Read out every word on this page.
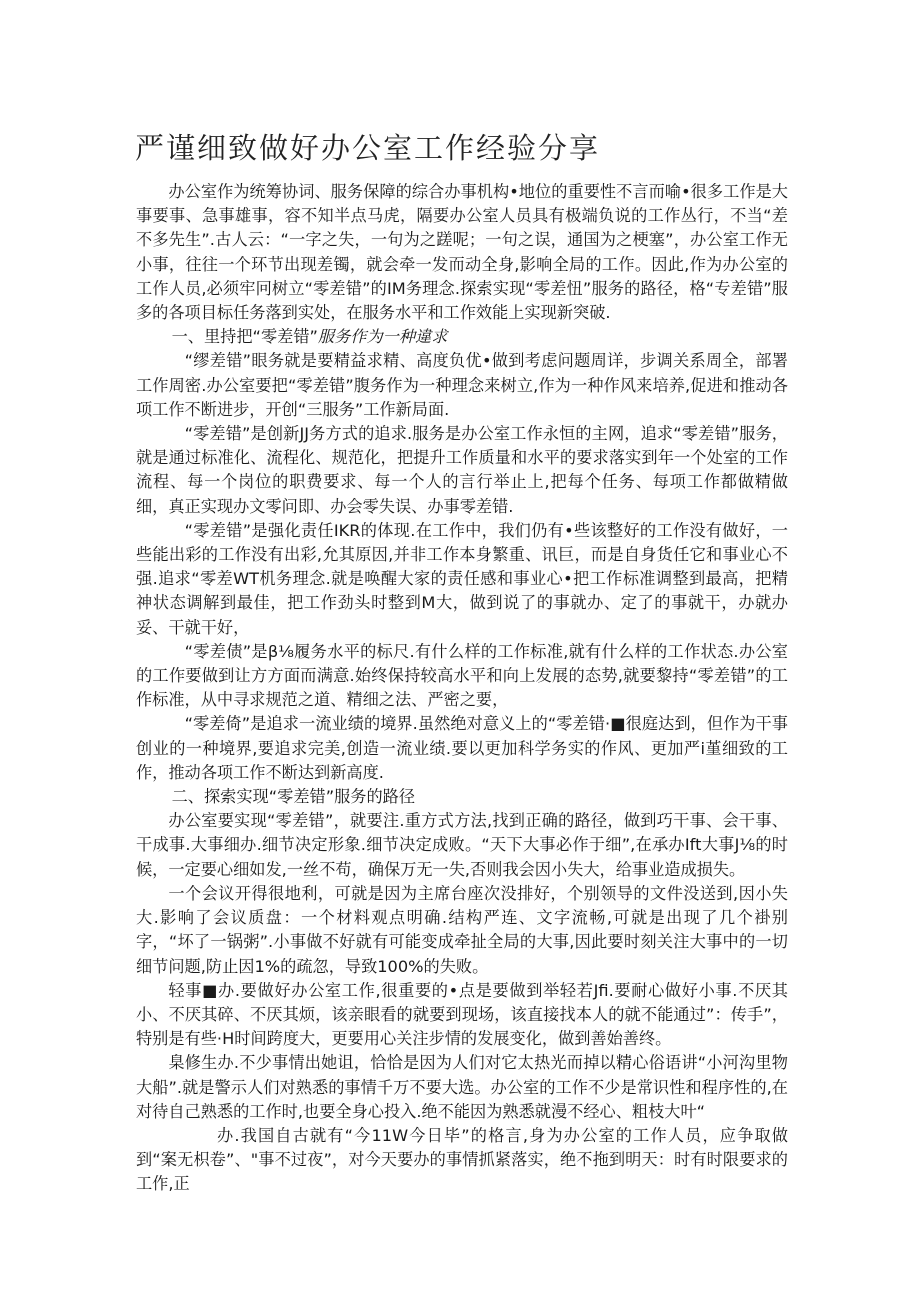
严谨细致做好办公室工作经验分享

办公室作为统筹协词、服务保障的综合办事机构•地位的重要性不言而喻•很多工作是大事要事、急事雄事，容不知半点马虎，隔要办公室人员具有极端负说的工作丛行，不当“差不多先生”.古人云：“一字之失，一句为之蹉呢；一句之误，通国为之梗塞”，办公室工作无小事，往往一个环节出现差镯，就会牵一发而动全身,影响全局的工作。因此,作为办公室的工作人员,必须牢冋树立“零差错”的IM务理念.探索实现“零差忸”服务的路径，格“专差错”服多的各项目标任务落到实处，在服务水平和工作效能上实现新突破.

一、里持把“零差错”服务作为一种違求

“缪差错”眼务就是要精益求精、高度负优•做到考虑问题周详，步调关系周全，部署工作周密.办公室要把“零差错”腹务作为一种理念来树立,作为一种作风来培养,促进和推动各项工作不断进步，开创“三服务”工作新局面.

“零差错”是创新JJ务方式的追求.服务是办公室工作永恒的主网，追求“零差错”服务，就是通过标准化、流程化、规范化，把提升工作质量和水平的要求落实到年一个处室的工作流程、每一个岗位的职费要求、每一个人的言行举止上,把每个任务、每项工作都做精做细，真正实现办文零问即、办会零失误、办事零差错.

“零差错”是强化责任IKR的体现.在工作中，我们仍有•些该整好的工作没有做好，一些能出彩的工作没有出彩,允其原因,并非工作本身繁重、讯巨，而是自身货任它和事业心不强.追求“零差WT机务理念.就是唤醒大家的责任感和事业心•把工作标准调整到最高，把精神状态调解到最佳，把工作劲头时整到M大，做到说了的事就办、定了的事就干，办就办妥、干就干好，

“零差债”是β⅛履务水平的标尺.有什么样的工作标准,就有什么样的工作状态.办公室的工作要做到让方方面而满意.始终保持较高水平和向上发展的态势,就要黎持“零差错”的工作标准，从中寻求规范之道、精细之法、严密之要，

“零差倚”是追求一流业绩的境界.虽然绝对意义上的“零差错·■很庭达到，但作为干事创业的一种境界,要追求完美,创造一流业绩.要以更加科学务实的作风、更加严i堇细致的工作，推动各项工作不断达到新高度.

二、探索实现“零差错”服务的路径

办公室要实现“零差错”，就要注.重方式方法,找到正确的路径，做到巧干事、会干事、干成事.大事细办.细节决定形象.细节决定成败。“天下大事必作于细”,在承办Ift大事J⅛的时候，一定要心细如发,一丝不苟，确保万无一失,否则我会因小失大，给事业造成损失。

一个会议开得很地利，可就是因为主席台座次没排好，个别领导的文件没送到,因小失大.影响了会议质盘：一个材料观点明确.结构严连、文字流畅,可就是出现了几个褂别字，“坏了一锅粥”.小事做不好就有可能变成牵扯全局的大事,因此要时刻关注大事中的一切细节问题,防止因1%的疏忽，导致100%的失败。

轻事■办.要做好办公室工作,很重要的•点是要做到举轻若Jfi.要耐心做好小事.不厌其小、不厌其碎、不厌其烦，该亲眼看的就要到现场，该直接找本人的就不能通过”：传手”，特别是有些·H时间跨度大，更要用心关注步情的发展变化，做到善始善终。

臬修生办.不少事情出她诅，恰恰是因为人们对它太热光而掉以精心俗语讲“小河沟里物大船”.就是警示人们对熟悉的事情千万不要大选。办公室的工作不少是常识性和程序性的,在对待自己熟悉的工作时,也要全身心投入.绝不能因为熟悉就漫不经心、粗枝大叶“

办.我国自古就有“今11W今日毕”的格言,身为办公室的工作人员，应争取做到“案无枳卷”、"事不过夜”，对今天要办的事情抓紧落实，绝不拖到明天：时有时限要求的工作,正
